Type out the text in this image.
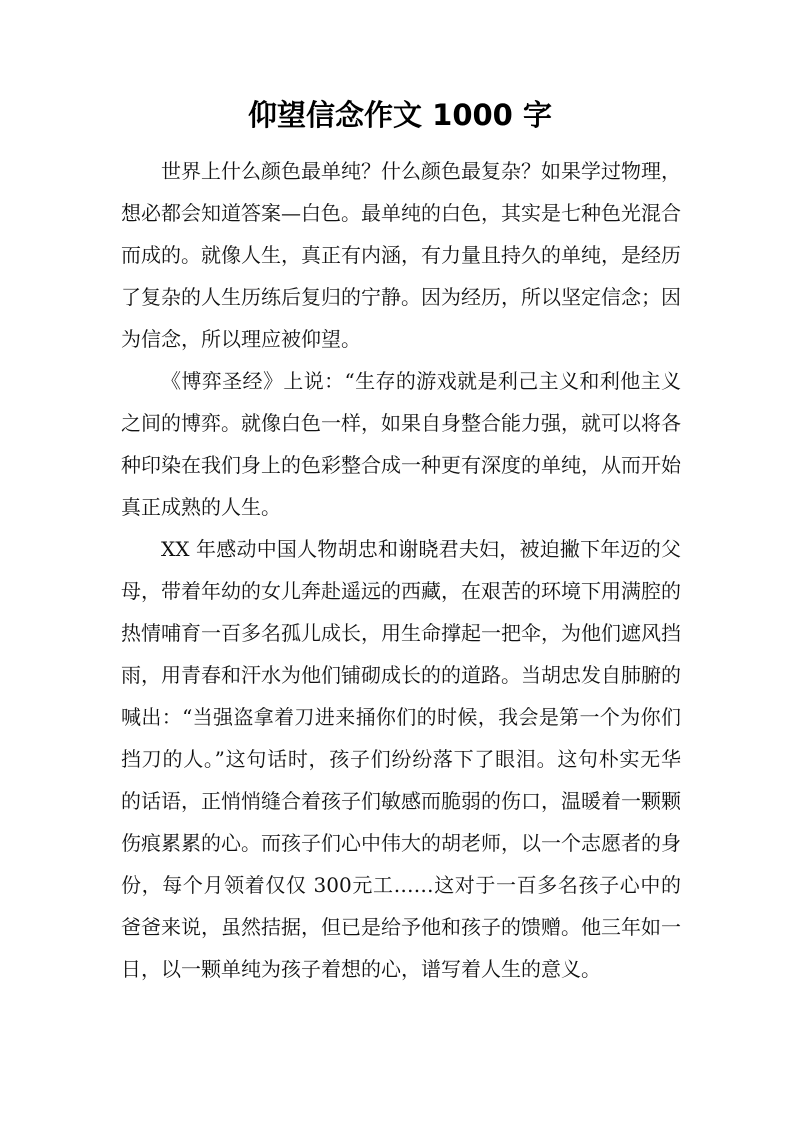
仰望信念作文 1000 字

世界上什么颜色最单纯？什么颜色最复杂？如果学过物理，想必都会知道答案—白色。最单纯的白色，其实是七种色光混合而成的。就像人生，真正有内涵，有力量且持久的单纯，是经历了复杂的人生历练后复归的宁静。因为经历，所以坚定信念；因为信念，所以理应被仰望。

《博弈圣经》上说：“生存的游戏就是利己主义和利他主义之间的博弈。就像白色一样，如果自身整合能力强，就可以将各种印染在我们身上的色彩整合成一种更有深度的单纯，从而开始真正成熟的人生。

XX 年感动中国人物胡忠和谢晓君夫妇，被迫撇下年迈的父母，带着年幼的女儿奔赴遥远的西藏，在艰苦的环境下用满腔的热情哺育一百多名孤儿成长，用生命撑起一把伞，为他们遮风挡雨，用青春和汗水为他们铺砌成长的的道路。当胡忠发自肺腑的喊出：“当强盗拿着刀进来捅你们的时候，我会是第一个为你们挡刀的人。”这句话时，孩子们纷纷落下了眼泪。这句朴实无华的话语，正悄悄缝合着孩子们敏感而脆弱的伤口，温暖着一颗颗伤痕累累的心。而孩子们心中伟大的胡老师，以一个志愿者的身份，每个月领着仅仅 300元工……这对于一百多名孩子心中的爸爸来说，虽然拮据，但已是给予他和孩子的馈赠。他三年如一日，以一颗单纯为孩子着想的心，谱写着人生的意义。
